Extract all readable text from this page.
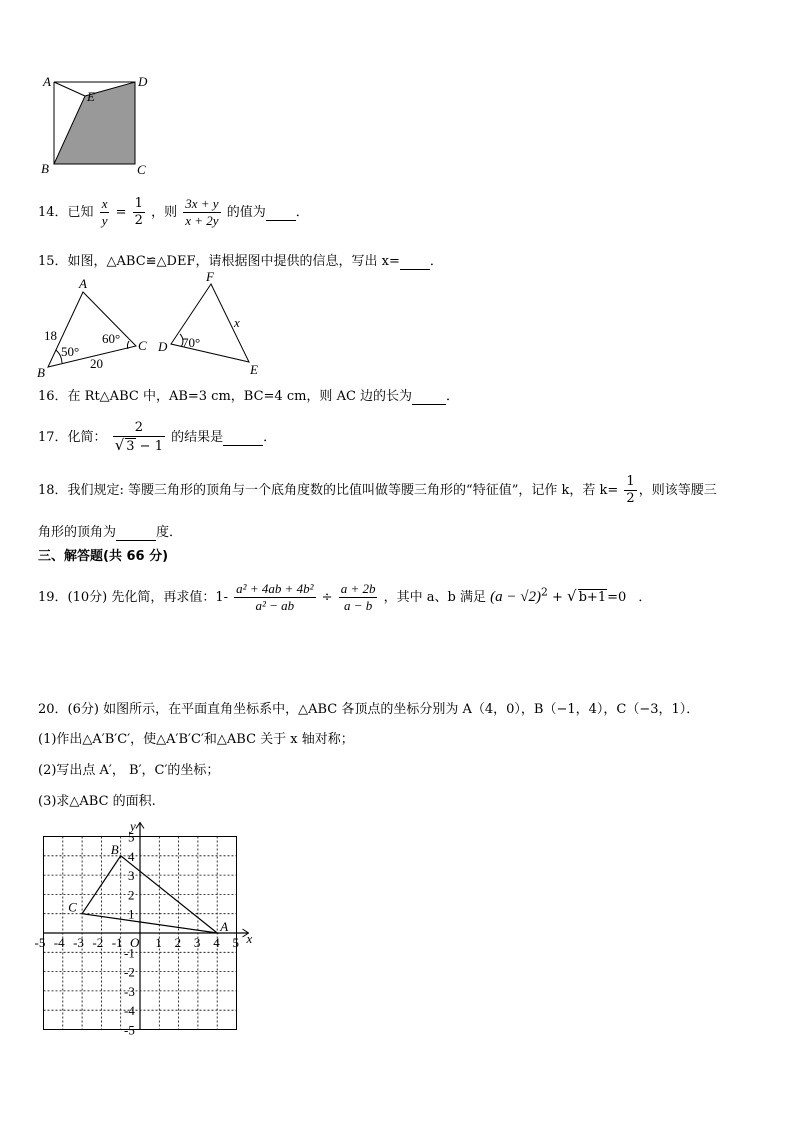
A	D
E
B	C
14．已知 $\frac{x}{y} = \frac{1}{2}$ ，则 $\frac{3x + y}{x + 2y}$ 的值为 ．
15．如图，△ABC≌△DEF，请根据图中提供的信息，写出 x= ．
A
B
C
18
20
50°
60°
F
D
E
70°
x
16．在 Rt△ABC 中，AB=3 cm，BC=4 cm，则 AC 边的长为	．
17．化简： $\frac{2}{√ 3 - 1}$ 的结果是	．
18．我们规定: 等腰三角形的顶角与一个底角度数的比值叫做等腰三角形的“特征值”，记作 k，若 $k= \frac{1}{2}$ ，则该等腰三
角形的顶角为	度．
三、解答题(共 66 分)
19．(10分) 先化简，再求值：$1- \frac{\text{a² + 4ab + 4b²}}{\text{a² − ab}} \div \frac{a + 2b}{a - b}$ ，其中 a、b 满足 $(a - √2)^2$ + √ b+1=0 ．
20．(6分) 如图所示，在平面直角坐标系中，△ABC 各顶点的坐标分别为 A（4，0），B（−1，4），C（−3，1）．
(1)作出△A′B′C′，使△A′B′C′和△ABC 关于 x 轴对称；
(2)写出点 A′， B′，C′的坐标；
(3)求△ABC 的面积.
x
y
-5 -4 -3 -2 -1	1 2 3 4 5
1
2
3
4
5
-1
-2
-3
-4
-5
O
A
B
C
